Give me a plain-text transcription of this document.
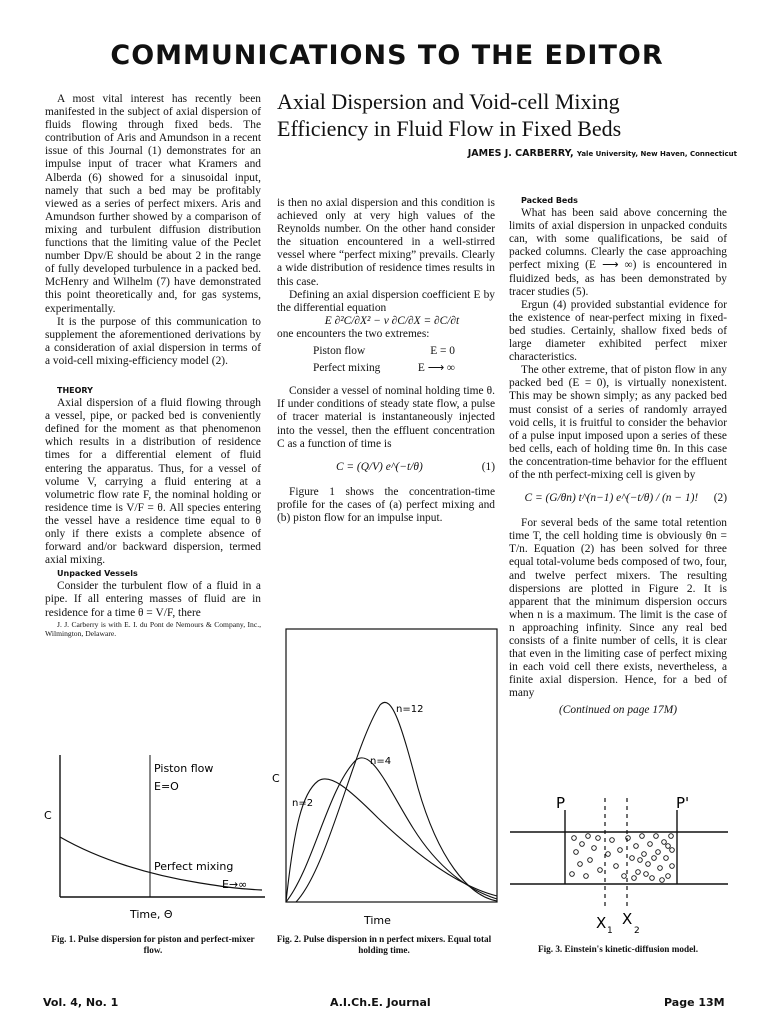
COMMUNICATIONS TO THE EDITOR

A most vital interest has recently been manifested in the subject of axial dispersion of fluids flowing through fixed beds. The contribution of Aris and Amundson in a recent issue of this Journal (1) demonstrates for an impulse input of tracer what Kramers and Alberda (6) showed for a sinusoidal input, namely that such a bed may be profitably viewed as a series of perfect mixers. Aris and Amundson further showed by a comparison of mixing and turbulent diffusion distribution functions that the limiting value of the Peclet number Dpv/E should be about 2 in the range of fully developed turbulence in a packed bed. McHenry and Wilhelm (7) have demonstrated this point theoretically and, for gas systems, experimentally.

It is the purpose of this communication to supplement the aforementioned derivations by a consideration of axial dispersion in terms of a void-cell mixing-efficiency model (2).

THEORY

Axial dispersion of a fluid flowing through a vessel, pipe, or packed bed is conveniently defined for the moment as that phenomenon which results in a distribution of residence times for a differential element of fluid entering the apparatus. Thus, for a vessel of volume V, carrying a fluid entering at a volumetric flow rate F, the nominal holding or residence time is V/F = θ. All species entering the vessel have a residence time equal to θ only if there exists a complete absence of forward and/or backward dispersion, termed axial mixing.

Unpacked Vessels

Consider the turbulent flow of a fluid in a pipe. If all entering masses of fluid are in residence for a time θ = V/F, there

J. J. Carberry is with E. I. du Pont de Nemours & Company, Inc., Wilmington, Delaware.

Axial Dispersion and Void-cell Mixing
Efficiency in Fluid Flow in Fixed Beds
JAMES J. CARBERRY, Yale University, New Haven, Connecticut

is then no axial dispersion and this condition is achieved only at very high values of the Reynolds number. On the other hand consider the situation encountered in a well-stirred vessel where “perfect mixing” prevails. Clearly a wide distribution of residence times results in this case.

Defining an axial dispersion coefficient E by the differential equation

E ∂²C/∂X² − v ∂C/∂X = ∂C/∂t

one encounters the two extremes:

Piston flow	E = 0
Perfect mixing	E ⟶ ∞

Consider a vessel of nominal holding time θ. If under conditions of steady state flow, a pulse of tracer material is instantaneously injected into the vessel, then the effluent concentration C as a function of time is

C = (Q/V) e^(−t/θ)	(1)

Figure 1 shows the concentration-time profile for the cases of (a) perfect mixing and (b) piston flow for an impulse input.

Packed Beds

What has been said above concerning the limits of axial dispersion in unpacked conduits can, with some qualifications, be said of packed columns. Clearly the case approaching perfect mixing (E ⟶ ∞) is encountered in fluidized beds, as has been demonstrated by tracer studies (5).

Ergun (4) provided substantial evidence for the existence of near-perfect mixing in fixed-bed studies. Certainly, shallow fixed beds of large diameter exhibited perfect mixer characteristics.

The other extreme, that of piston flow in any packed bed (E = 0), is virtually nonexistent. This may be shown simply; as any packed bed must consist of a series of randomly arrayed void cells, it is fruitful to consider the behavior of a pulse input imposed upon a series of these bed cells, each of holding time θn. In this case the concentration-time behavior for the effluent of the nth perfect-mixing cell is given by

C = (G/θn) t^(n−1) e^(−t/θ) / (n − 1)!	(2)

For several beds of the same total retention time T, the cell holding time is obviously θn = T/n. Equation (2) has been solved for three equal total-volume beds composed of two, four, and twelve perfect mixers. The resulting dispersions are plotted in Figure 2. It is apparent that the minimum dispersion occurs when n is a maximum. The limit is the case of n approaching infinity. Since any real bed consists of a finite number of cells, it is clear that even in the limiting case of perfect mixing in each void cell there exists, nevertheless, a finite axial dispersion. Hence, for a bed of many

(Continued on page 17M)

C
Piston flow
E=O
Perfect mixing
E→∞
Time, Θ
Fig. 1. Pulse dispersion for piston and perfect-mixer flow.
C
n=2
n=4
n=12
Time
Fig. 2. Pulse dispersion in n perfect mixers. Equal total holding time.
P	P'
X 1
X
2
Fig. 3. Einstein's kinetic-diffusion model.
Vol. 4, No. 1	A.I.Ch.E. Journal	Page 13M
